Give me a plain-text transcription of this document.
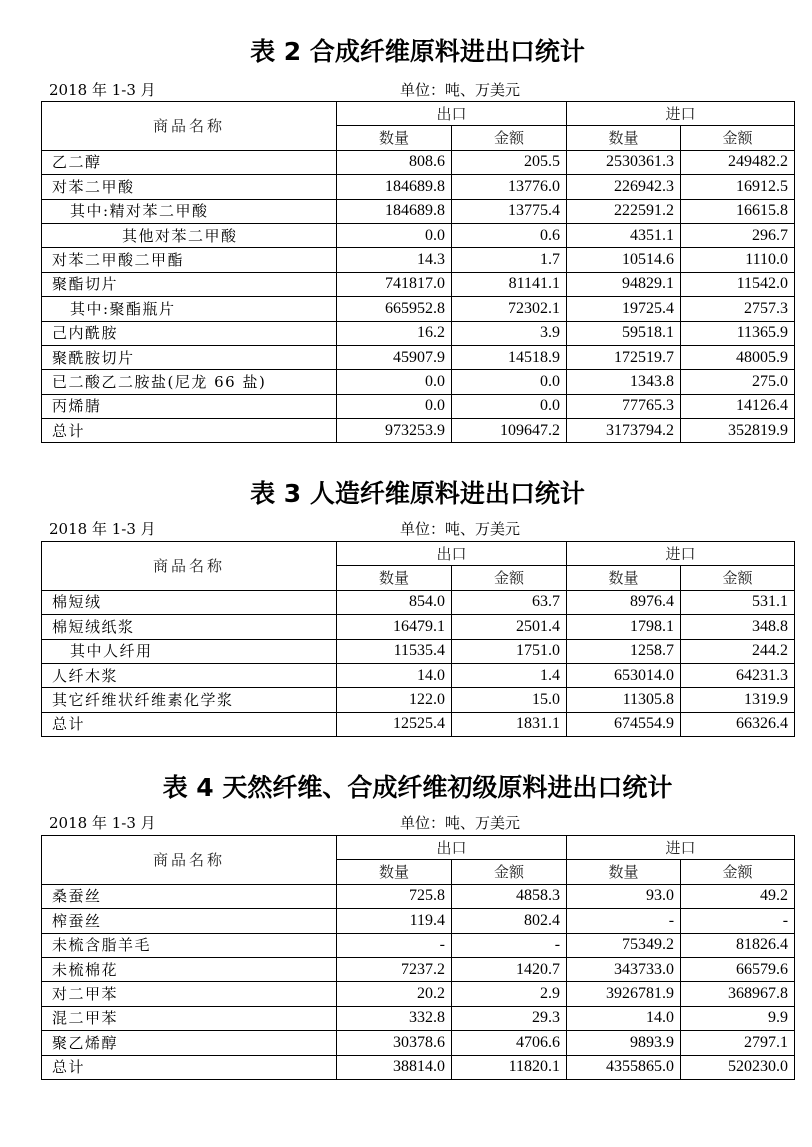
表 2 合成纤维原料进出口统计
2018 年 1-3 月	单位：吨、万美元
商品名称	出口		进口	
	数量	金额	数量	金额
乙二醇	808.6	205.5	2530361.3	249482.2
对苯二甲酸	184689.8	13776.0	226942.3	16912.5
其中:精对苯二甲酸	184689.8	13775.4	222591.2	16615.8
其他对苯二甲酸	0.0	0.6	4351.1	296.7
对苯二甲酸二甲酯	14.3	1.7	10514.6	1110.0
聚酯切片	741817.0	81141.1	94829.1	11542.0
其中:聚酯瓶片	665952.8	72302.1	19725.4	2757.3
己内酰胺	16.2	3.9	59518.1	11365.9
聚酰胺切片	45907.9	14518.9	172519.7	48005.9
已二酸乙二胺盐(尼龙 66 盐)	0.0	0.0	1343.8	275.0
丙烯腈	0.0	0.0	77765.3	14126.4
总计	973253.9	109647.2	3173794.2	352819.9
表 3 人造纤维原料进出口统计
2018 年 1-3 月	单位：吨、万美元
商品名称	出口		进口	
	数量	金额	数量	金额
棉短绒	854.0	63.7	8976.4	531.1
棉短绒纸浆	16479.1	2501.4	1798.1	348.8
其中人纤用	11535.4	1751.0	1258.7	244.2
人纤木浆	14.0	1.4	653014.0	64231.3
其它纤维状纤维素化学浆	122.0	15.0	11305.8	1319.9
总计	12525.4	1831.1	674554.9	66326.4
表 4 天然纤维、合成纤维初级原料进出口统计
2018 年 1-3 月	单位：吨、万美元
商品名称	出口		进口	
	数量	金额	数量	金额
桑蚕丝	725.8	4858.3	93.0	49.2
榨蚕丝	119.4	802.4	-	-
未梳含脂羊毛	-	-	75349.2	81826.4
未梳棉花	7237.2	1420.7	343733.0	66579.6
对二甲苯	20.2	2.9	3926781.9	368967.8
混二甲苯	332.8	29.3	14.0	9.9
聚乙烯醇	30378.6	4706.6	9893.9	2797.1
总计	38814.0	11820.1	4355865.0	520230.0
